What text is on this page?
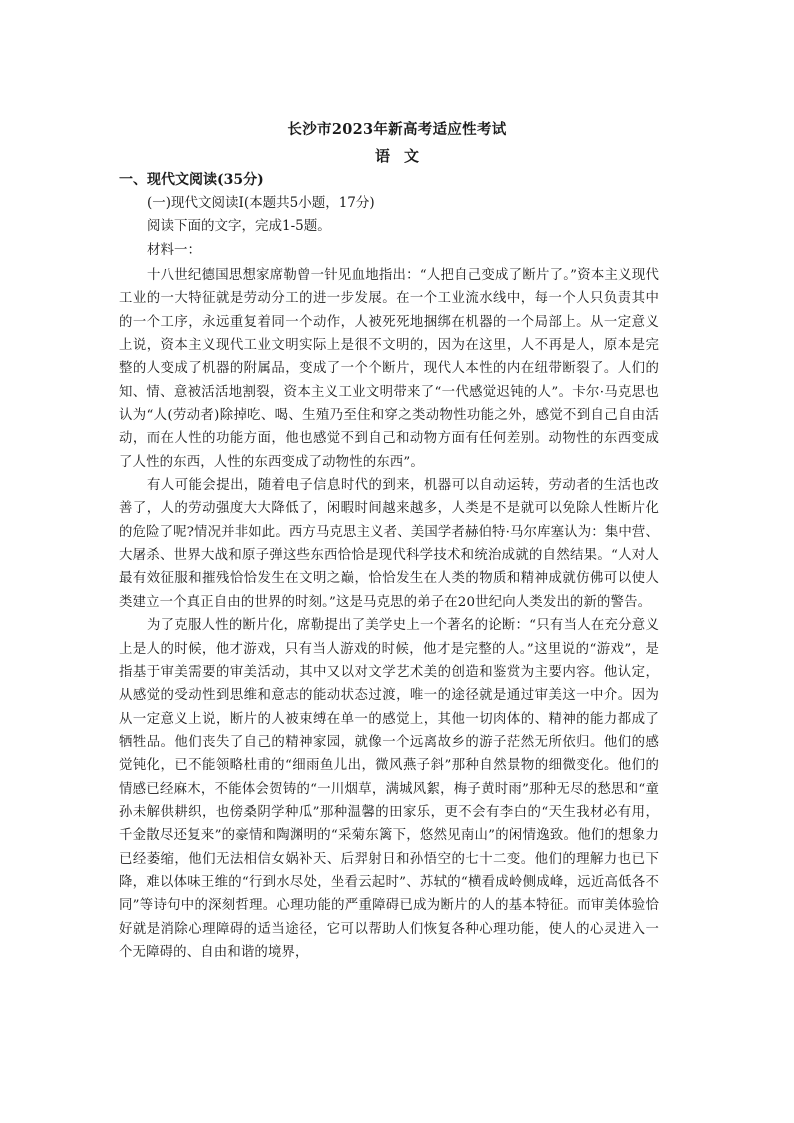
长沙市2023年新高考适应性考试
语文
一、现代文阅读(35分)
(一)现代文阅读Ⅰ(本题共5小题，17分)
阅读下面的文字，完成1-5题。
材料一：

十八世纪德国思想家席勒曾一针见血地指出：“人把自己变成了断片了。”资本主义现代工业的一大特征就是劳动分工的进一步发展。在一个工业流水线中，每一个人只负责其中的一个工序，永远重复着同一个动作，人被死死地捆绑在机器的一个局部上。从一定意义上说，资本主义现代工业文明实际上是很不文明的，因为在这里，人不再是人，原本是完整的人变成了机器的附属品，变成了一个个断片，现代人本性的内在纽带断裂了。人们的知、情、意被活活地割裂，资本主义工业文明带来了“一代感觉迟钝的人”。卡尔·马克思也认为“人(劳动者)除掉吃、喝、生殖乃至住和穿之类动物性功能之外，感觉不到自己自由活动，而在人性的功能方面，他也感觉不到自己和动物方面有任何差别。动物性的东西变成了人性的东西，人性的东西变成了动物性的东西”。

有人可能会提出，随着电子信息时代的到来，机器可以自动运转，劳动者的生活也改善了，人的劳动强度大大降低了，闲暇时间越来越多，人类是不是就可以免除人性断片化的危险了呢?情况并非如此。西方马克思主义者、美国学者赫伯特·马尔库塞认为：集中营、大屠杀、世界大战和原子弹这些东西恰恰是现代科学技术和统治成就的自然结果。“人对人最有效征服和摧残恰恰发生在文明之巅，恰恰发生在人类的物质和精神成就仿佛可以使人类建立一个真正自由的世界的时刻。”这是马克思的弟子在20世纪向人类发出的新的警告。

为了克服人性的断片化，席勒提出了美学史上一个著名的论断：“只有当人在充分意义上是人的时候，他才游戏，只有当人游戏的时候，他才是完整的人。”这里说的“游戏”，是指基于审美需要的审美活动，其中又以对文学艺术美的创造和鉴赏为主要内容。他认定，从感觉的受动性到思维和意志的能动状态过渡，唯一的途径就是通过审美这一中介。因为从一定意义上说，断片的人被束缚在单一的感觉上，其他一切肉体的、精神的能力都成了牺牲品。他们丧失了自己的精神家园，就像一个远离故乡的游子茫然无所依归。他们的感觉钝化，已不能领略杜甫的“细雨鱼儿出，微风燕子斜”那种自然景物的细微变化。他们的情感已经麻木，不能体会贺铸的“一川烟草，满城风絮，梅子黄时雨”那种无尽的愁思和“童孙未解供耕织，也傍桑阴学种瓜”那种温馨的田家乐，更不会有李白的“天生我材必有用，千金散尽还复来”的豪情和陶渊明的“采菊东篱下，悠然见南山”的闲情逸致。他们的想象力已经萎缩，他们无法相信女娲补天、后羿射日和孙悟空的七十二变。他们的理解力也已下降，难以体味王维的“行到水尽处，坐看云起时”、苏轼的“横看成岭侧成峰，远近高低各不同”等诗句中的深刻哲理。心理功能的严重障碍已成为断片的人的基本特征。而审美体验恰好就是消除心理障碍的适当途径，它可以帮助人们恢复各种心理功能，使人的心灵进入一个无障碍的、自由和谐的境界，
